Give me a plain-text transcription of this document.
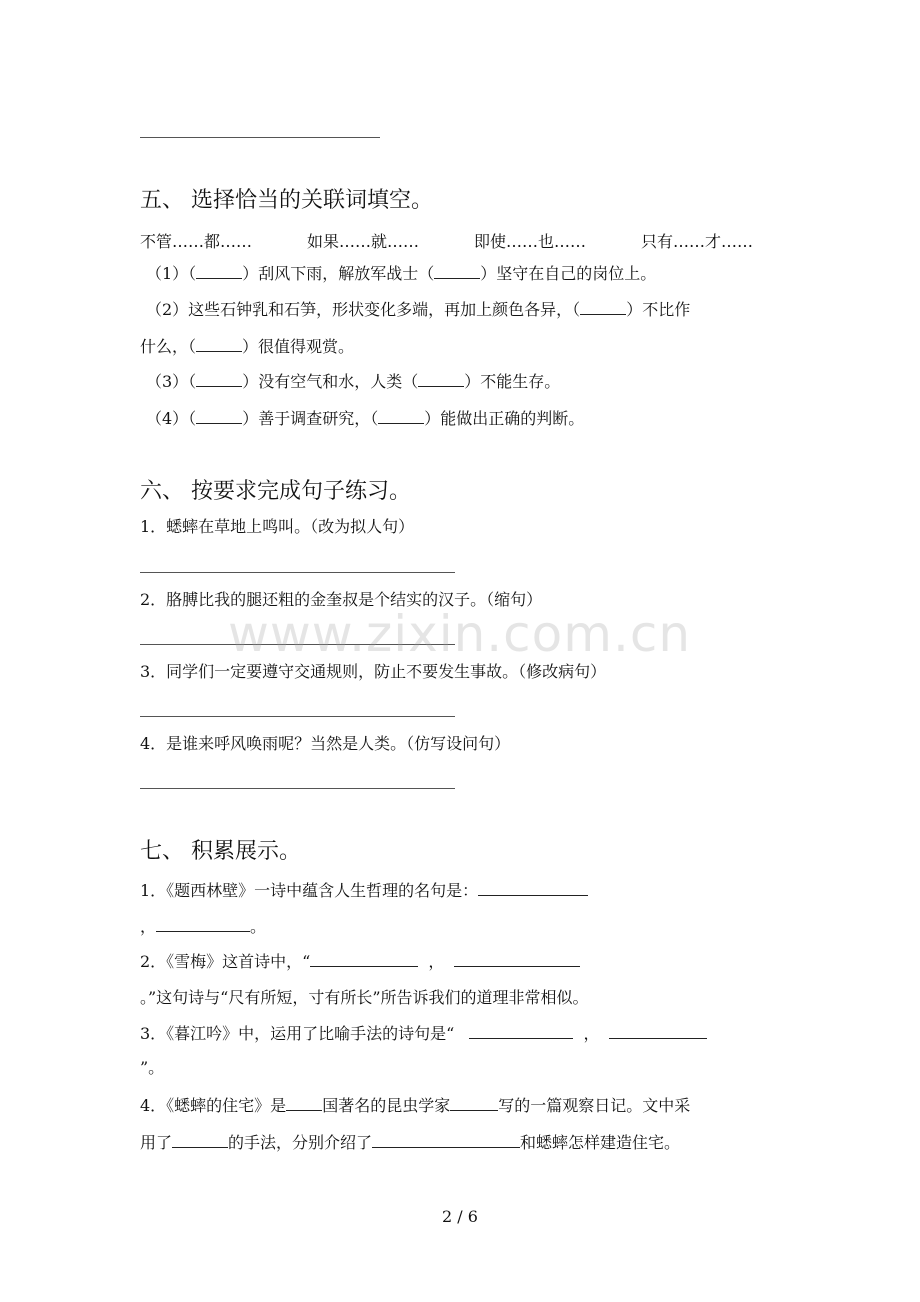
五、 选择恰当的关联词填空。
不管……都……	如果……就……	即使……也……	只有……才……
（1）（	）刮风下雨，解放军战士（	）坚守在自己的岗位上。
（2）这些石钟乳和石笋，形状变化多端，再加上颜色各异，（	）不比作
什么，（	）很值得观赏。
（3）（	）没有空气和水，人类（	）不能生存。
（4）（	）善于调查研究，（	）能做出正确的判断。
六、 按要求完成句子练习。
1．蟋蟀在草地上鸣叫。（改为拟人句）
2．胳膊比我的腿还粗的金奎叔是个结实的汉子。（缩句）
3．同学们一定要遵守交通规则，防止不要发生事故。（修改病句）
4．是谁来呼风唤雨呢？当然是人类。（仿写设问句）
七、 积累展示。
1．《题西林壁》一诗中蕴含人生哲理的名句是：
，	。
2．《雪梅》这首诗中，“	，
。”这句诗与“尺有所短，寸有所长”所告诉我们的道理非常相似。
3．《暮江吟》中，运用了比喻手法的诗句是“	，
”。
4．《蟋蟀的住宅》是 国著名的昆虫学家	写的一篇观察日记。文中采
用了	的手法，分别介绍了	和蟋蟀怎样建造住宅。
www.zixin.com.cn
2 / 6
